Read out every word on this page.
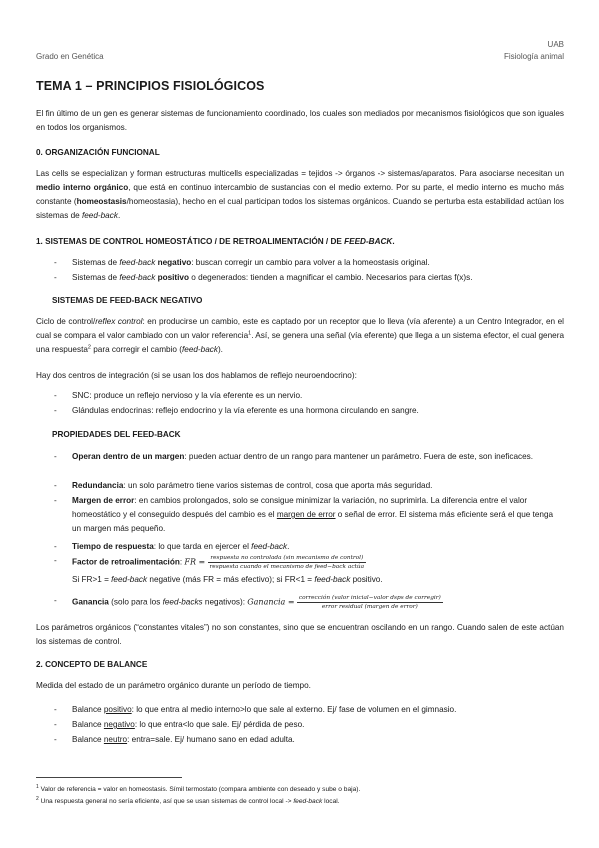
Grado en Genética
UAB
Fisiología animal
TEMA 1 – PRINCIPIOS FISIOLÓGICOS
El fin último de un gen es generar sistemas de funcionamiento coordinado, los cuales son mediados por mecanismos fisiológicos que son iguales en todos los organismos.
0. ORGANIZACIÓN FUNCIONAL
Las cells se especializan y forman estructuras multicells especializadas = tejidos -> órganos -> sistemas/aparatos. Para asociarse necesitan un medio interno orgánico, que está en continuo intercambio de sustancias con el medio externo. Por su parte, el medio interno es mucho más constante (homeostasis/homeostasia), hecho en el cual participan todos los sistemas orgánicos. Cuando se perturba esta estabilidad actúan los sistemas de feed-back.
1. SISTEMAS DE CONTROL HOMEOSTÁTICO / DE RETROALIMENTACIÓN / DE FEED-BACK.
- Sistemas de feed-back negativo: buscan corregir un cambio para volver a la homeostasis original.
- Sistemas de feed-back positivo o degenerados: tienden a magnificar el cambio. Necesarios para ciertas f(x)s.
SISTEMAS DE FEED-BACK NEGATIVO
Ciclo de control/reflex control: en producirse un cambio, este es captado por un receptor que lo lleva (vía aferente) a un Centro Integrador, en el cual se compara el valor cambiado con un valor referencia$^1$. Así, se genera una señal (vía eferente) que llega a un sistema efector, el cual genera una respuesta$^2$ para corregir el cambio (feed-back).
Hay dos centros de integración (si se usan los dos hablamos de reflejo neuroendocrino):
- SNC: produce un reflejo nervioso y la vía eferente es un nervio.
- Glándulas endocrinas: reflejo endocrino y la vía eferente es una hormona circulando en sangre.
PROPIEDADES DEL FEED-BACK
- Operan dentro de un margen: pueden actuar dentro de un rango para mantener un parámetro. Fuera de este, son ineficaces.
- Redundancia: un solo parámetro tiene varios sistemas de control, cosa que aporta más seguridad.
- Margen de error: en cambios prolongados, solo se consigue minimizar la variación, no suprimirla. La diferencia entre el valor homeostático y el conseguido después del cambio es el margen de error o señal de error. El sistema más eficiente será el que tenga un margen más pequeño.
- Tiempo de respuesta: lo que tarda en ejercer el feed-back.
- Factor de retroalimentación: FR = $\frac{\text{respuesta no controlada (sin mecanismo de control)}}{\text{respuesta cuando el mecanismo de feed−back actúa}}$
Si FR>1 = feed-back negative (más FR = más efectivo); si FR<1 = feed-back positivo.
- Ganancia (solo para los feed-backs negativos): Ganancia = $\frac{\text{corrección (valor inicial−valor dsps de corregir)}}{\text{error residual (margen de error)}}$
Los parámetros orgánicos (“constantes vitales”) no son constantes, sino que se encuentran oscilando en un rango. Cuando salen de este actúan los sistemas de control.
2. CONCEPTO DE BALANCE
Medida del estado de un parámetro orgánico durante un período de tiempo.
- Balance positivo: lo que entra al medio interno>lo que sale al externo. Ej/ fase de volumen en el gimnasio.
- Balance negativo: lo que entra<lo que sale. Ej/ pérdida de peso.
- Balance neutro: entra=sale. Ej/ humano sano en edad adulta.
$^1$ Valor de referencia = valor en homeostasis. Símil termostato (compara ambiente con deseado y sube o baja).
$^2$ Una respuesta general no sería eficiente, así que se usan sistemas de control local -> feed-back local.
